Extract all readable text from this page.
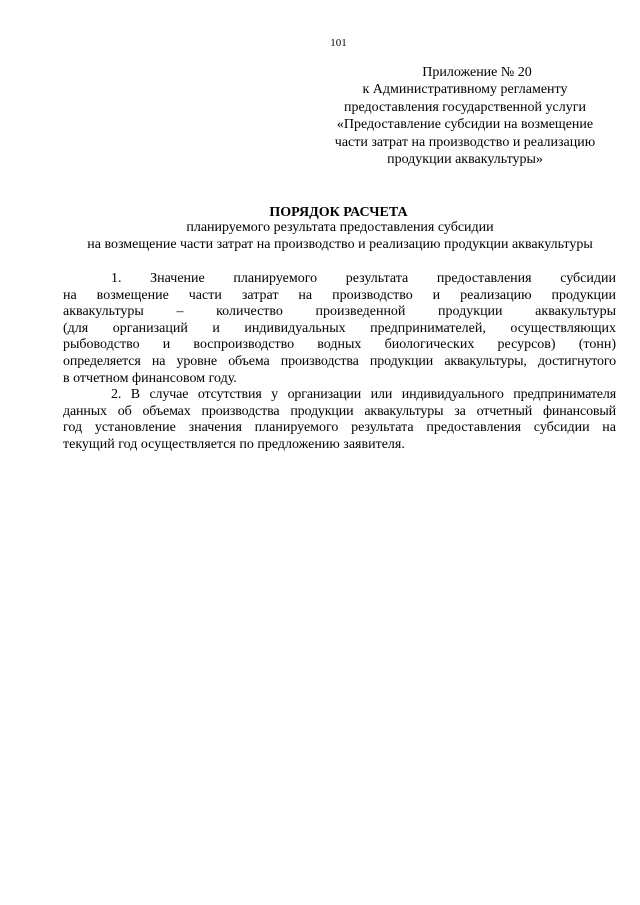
101
Приложение № 20
к Административному регламенту
предоставления государственной услуги
«Предоставление субсидии на возмещение
части затрат на производство и реализацию
продукции аквакультуры»
ПОРЯДОК РАСЧЕТА
планируемого результата предоставления субсидии
на возмещение части затрат на производство и реализацию продукции аквакультуры
1. Значение планируемого результата предоставления субсидии
на возмещение части затрат на производство и реализацию продукции
аквакультуры – количество произведенной продукции аквакультуры
(для организаций и индивидуальных предпринимателей, осуществляющих
рыбоводство и воспроизводство водных биологических ресурсов) (тонн)
определяется на уровне объема производства продукции аквакультуры, достигнутого
в отчетном финансовом году.
2. В случае отсутствия у организации или индивидуального предпринимателя
данных об объемах производства продукции аквакультуры за отчетный финансовый
год установление значения планируемого результата предоставления субсидии на
текущий год осуществляется по предложению заявителя.
